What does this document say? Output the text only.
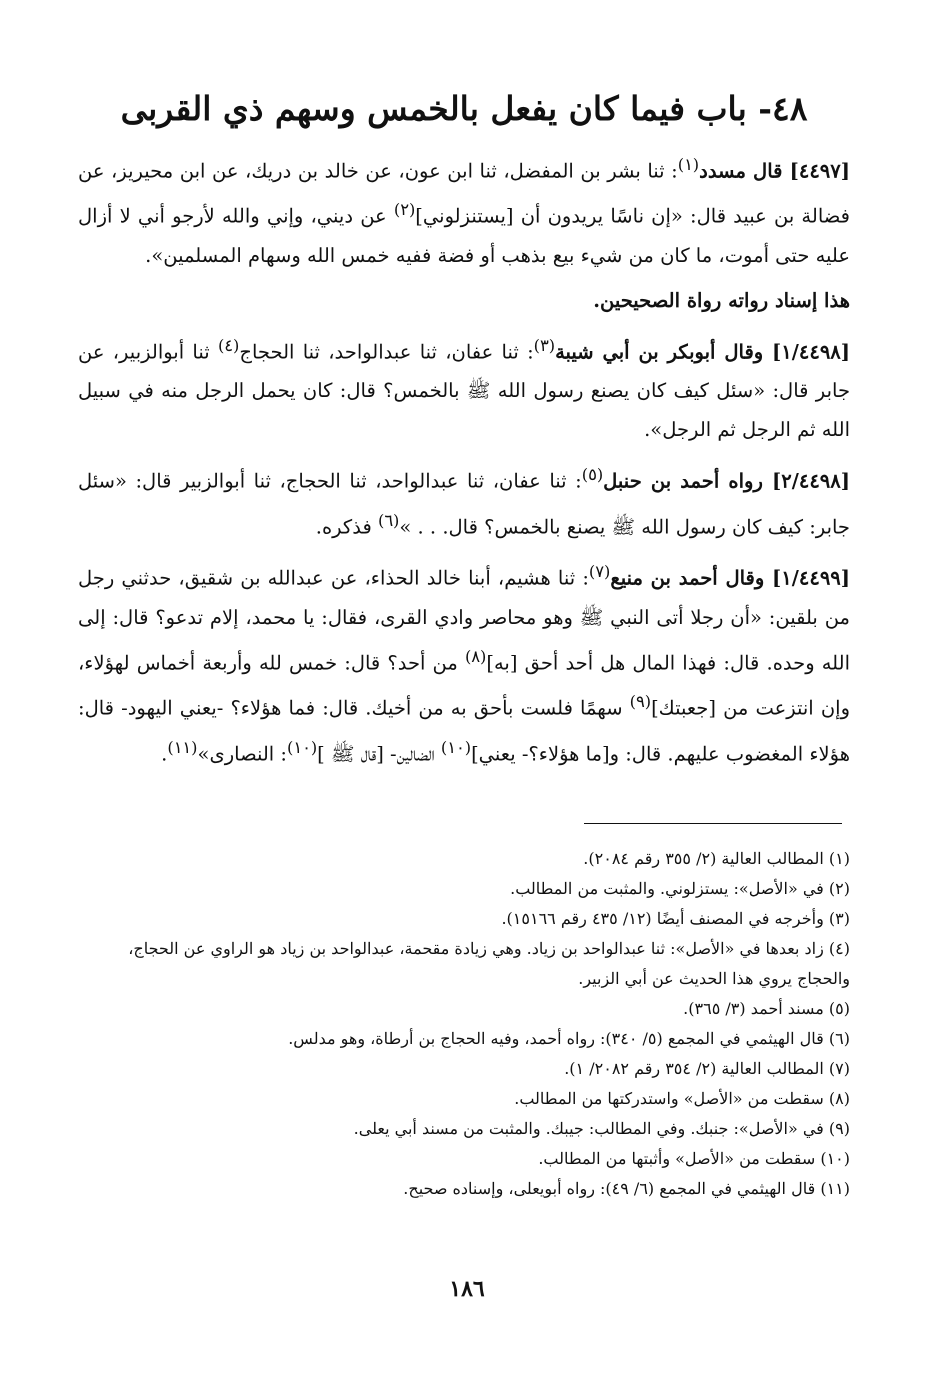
٤٨- باب فيما كان يفعل بالخمس وسهم ذي القربى

[٤٤٩٧] قال مسدد$^{(١)}$: ثنا بشر بن المفضل، ثنا ابن عون، عن خالد بن دريك، عن ابن محيريز، عن فضالة بن عبيد قال: «إن ناسًا يريدون أن [يستنزلوني]$^{(٢)}$ عن ديني، وإني والله لأرجو أني لا أزال عليه حتى أموت، ما كان من شيء بيع بذهب أو فضة ففيه خمس الله وسهام المسلمين».

هذا إسناد رواته رواة الصحيحين.

[١/٤٤٩٨] وقال أبوبكر بن أبي شيبة$^{(٣)}$: ثنا عفان، ثنا عبدالواحد، ثنا الحجاج$^{(٤)}$ ثنا أبوالزبير، عن جابر قال: «سئل كيف كان يصنع رسول الله ﷺ بالخمس؟ قال: كان يحمل الرجل منه في سبيل الله ثم الرجل ثم الرجل».

[٢/٤٤٩٨] رواه أحمد بن حنبل$^{(٥)}$: ثنا عفان، ثنا عبدالواحد، ثنا الحجاج، ثنا أبوالزبير قال: «سئل جابر: كيف كان رسول الله ﷺ يصنع بالخمس؟ قال. . . »$^{(٦)}$ فذكره.

[١/٤٤٩٩] وقال أحمد بن منيع$^{(٧)}$: ثنا هشيم، أبنا خالد الحذاء، عن عبدالله بن شقيق، حدثني رجل من بلقين: «أن رجلا أتى النبي ﷺ وهو محاصر وادي القرى، فقال: يا محمد، إلام تدعو؟ قال: إلى الله وحده. قال: فهذا المال هل أحد أحق [به]$^{(٨)}$ من أحد؟ قال: خمس لله وأربعة أخماس لهؤلاء، وإن انتزعت من [جعبتك]$^{(٩)}$ سهمًا فلست بأحق به من أخيك. قال: فما هؤلاء؟ -يعني اليهود- قال: هؤلاء المغضوب عليهم. قال: و[ما هؤلاء؟- يعني]$^{(١٠)}$ الضالين- [قال ﷺ ]$^{(١٠)}$: النصارى»$^{(١١)}$.

(١) المطالب العالية (٢/ ٣٥٥ رقم ٢٠٨٤).
(٢) في «الأصل»: يستزلوني. والمثبت من المطالب.
(٣) وأخرجه في المصنف أيضًا (١٢/ ٤٣٥ رقم ١٥١٦٦).
(٤) زاد بعدها في «الأصل»: ثنا عبدالواحد بن زياد. وهي زيادة مقحمة، عبدالواحد بن زياد هو الراوي عن الحجاج، والحجاج يروي هذا الحديث عن أبي الزبير.
(٥) مسند أحمد (٣/ ٣٦٥).
(٦) قال الهيثمي في المجمع (٥/ ٣٤٠): رواه أحمد، وفيه الحجاج بن أرطاة، وهو مدلس.
(٧) المطالب العالية (٢/ ٣٥٤ رقم ٢٠٨٢/ ١).
(٨) سقطت من «الأصل» واستدركتها من المطالب.
(٩) في «الأصل»: جنبك. وفي المطالب: جيبك. والمثبت من مسند أبي يعلى.
(١٠) سقطت من «الأصل» وأثبتها من المطالب.
(١١) قال الهيثمي في المجمع (٦/ ٤٩): رواه أبويعلى، وإسناده صحيح.
١٨٦
